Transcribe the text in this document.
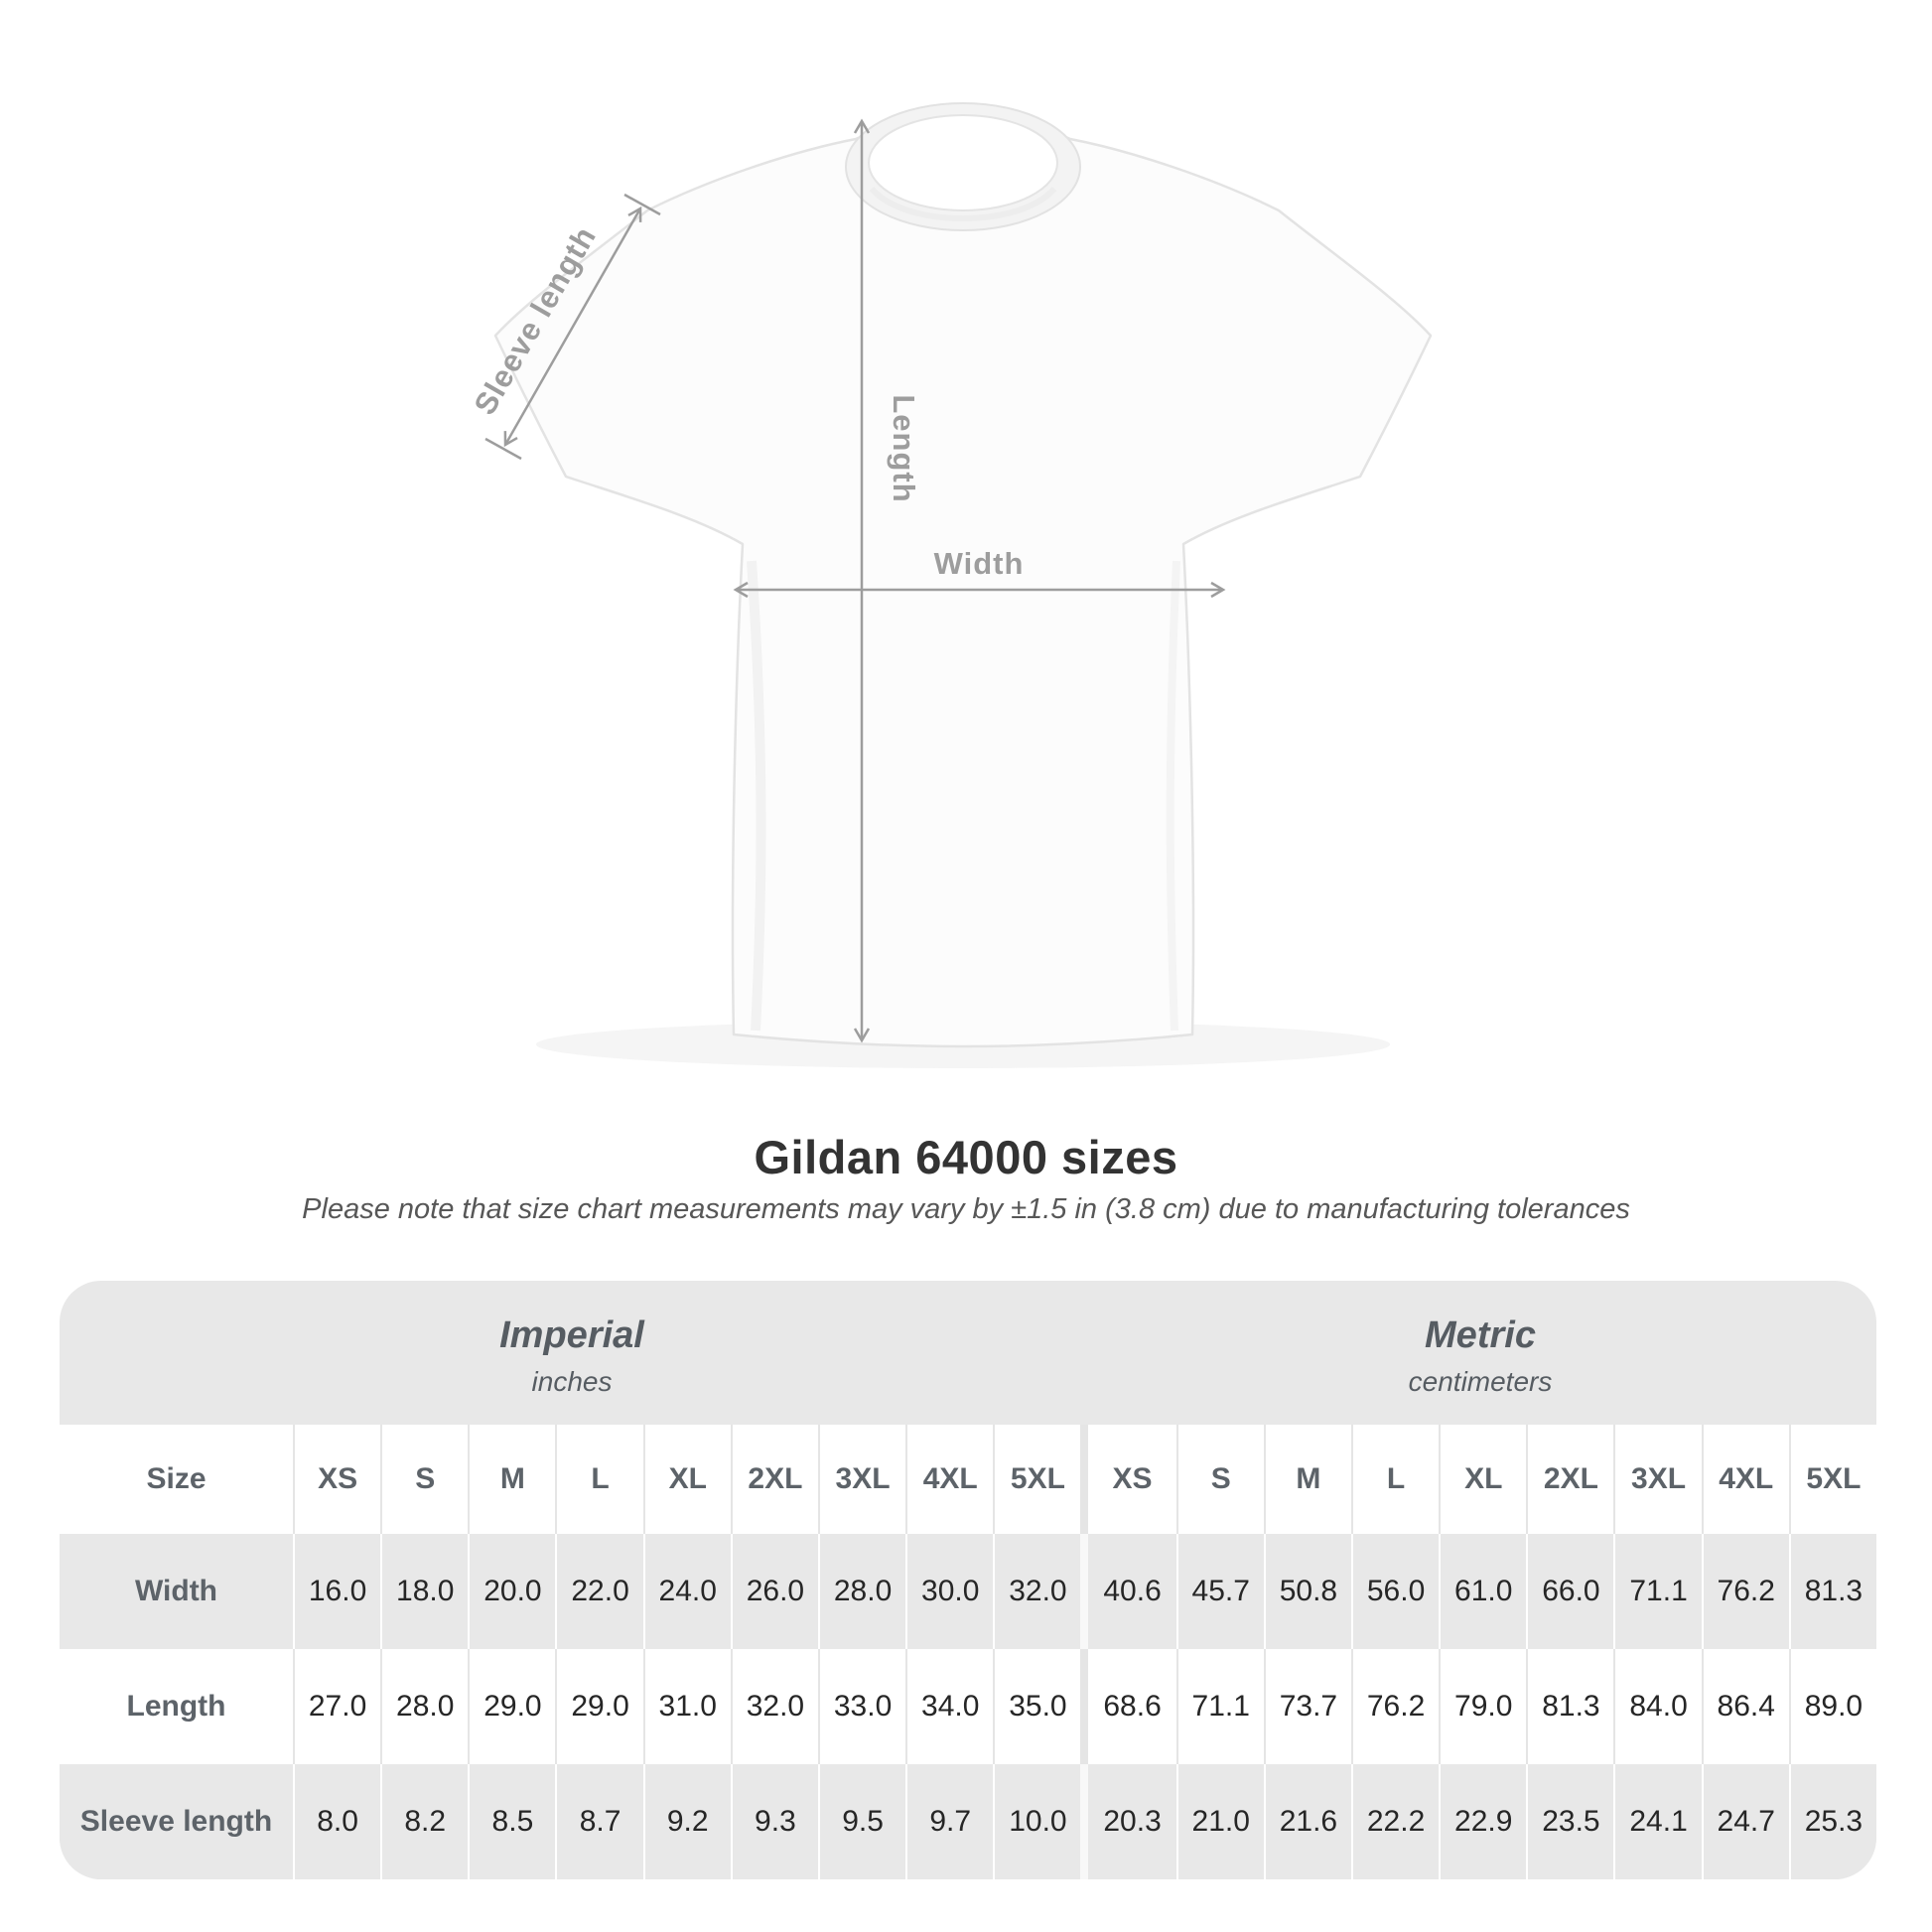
Width
Length
Sleeve length
Gildan 64000 sizes
Please note that size chart measurements may vary by ±1.5 in (3.8 cm) due to manufacturing tolerances
Imperial
inches
Metric
centimeters
Size	XS	S	M	L	XL	2XL	3XL	4XL	5XL	XS	S	M	L	XL	2XL	3XL	4XL	5XL
Width	16.0 18.0 20.0 22.0 24.0 26.0 28.0 30.0 32.0	40.6	45.7 50.8 56.0 61.0 66.0 71.1 76.2 81.3
Length	27.0 28.0 29.0 29.0 31.0 32.0 33.0 34.0 35.0	68.6	71.1 73.7 76.2 79.0 81.3 84.0 86.4 89.0
Sleeve length	8.0	8.2	8.5	8.7	9.2	9.3	9.5	9.7	10.0	20.3	21.0 21.6 22.2 22.9 23.5 24.1 24.7 25.3
